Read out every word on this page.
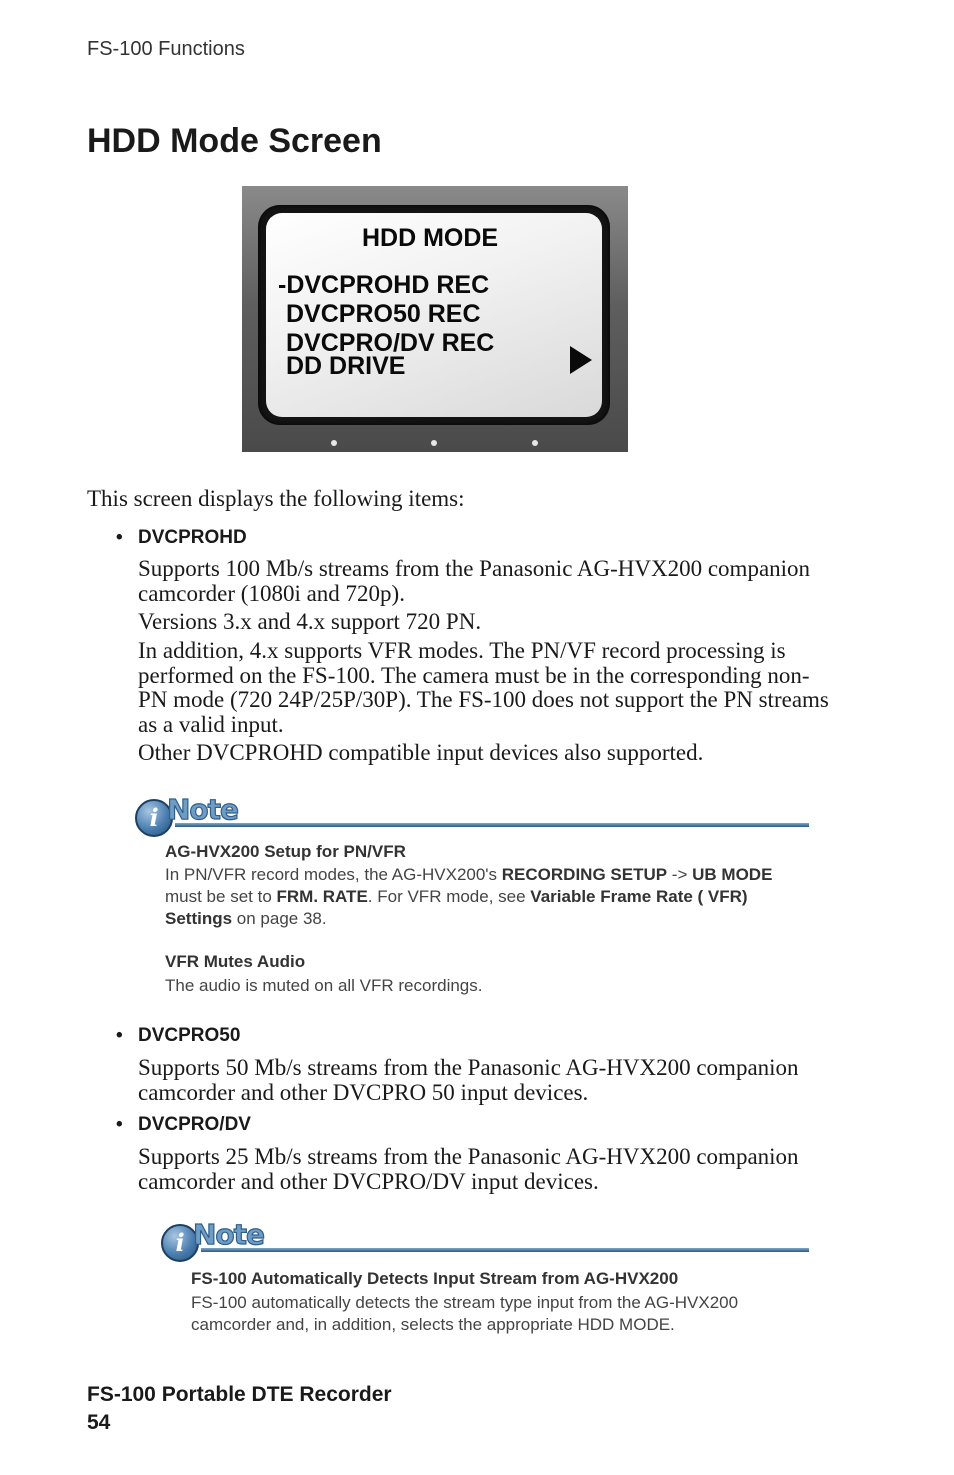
FS-100 Functions
HDD Mode Screen
HDD MODE
-DVCPROHD REC
DVCPRO50 REC
DVCPRO/DV REC
DD DRIVE
This screen displays the following items:
• DVCPROHD

Supports 100 Mb/s streams from the Panasonic AG-HVX200 companion camcorder (1080i and 720p).

Versions 3.x and 4.x support 720 PN.

In addition, 4.x supports VFR modes. The PN/VF record processing is performed on the FS-100. The camera must be in the corresponding non-PN mode (720 24P/25P/30P). The FS-100 does not support the PN streams as a valid input.

Other DVCPROHD compatible input devices also supported.

i Note
AG-HVX200 Setup for PN/VFR

In PN/VFR record modes, the AG-HVX200's RECORDING SETUP -> UB MODE must be set to FRM. RATE. For VFR mode, see Variable Frame Rate ( VFR) Settings on page 38.

VFR Mutes Audio

The audio is muted on all VFR recordings.

• DVCPRO50

Supports 50 Mb/s streams from the Panasonic AG-HVX200 companion camcorder and other DVCPRO 50 input devices.

• DVCPRO/DV

Supports 25 Mb/s streams from the Panasonic AG-HVX200 companion camcorder and other DVCPRO/DV input devices.

i Note
FS-100 Automatically Detects Input Stream from AG-HVX200

FS-100 automatically detects the stream type input from the AG-HVX200 camcorder and, in addition, selects the appropriate HDD MODE.

FS-100 Portable DTE Recorder
54
